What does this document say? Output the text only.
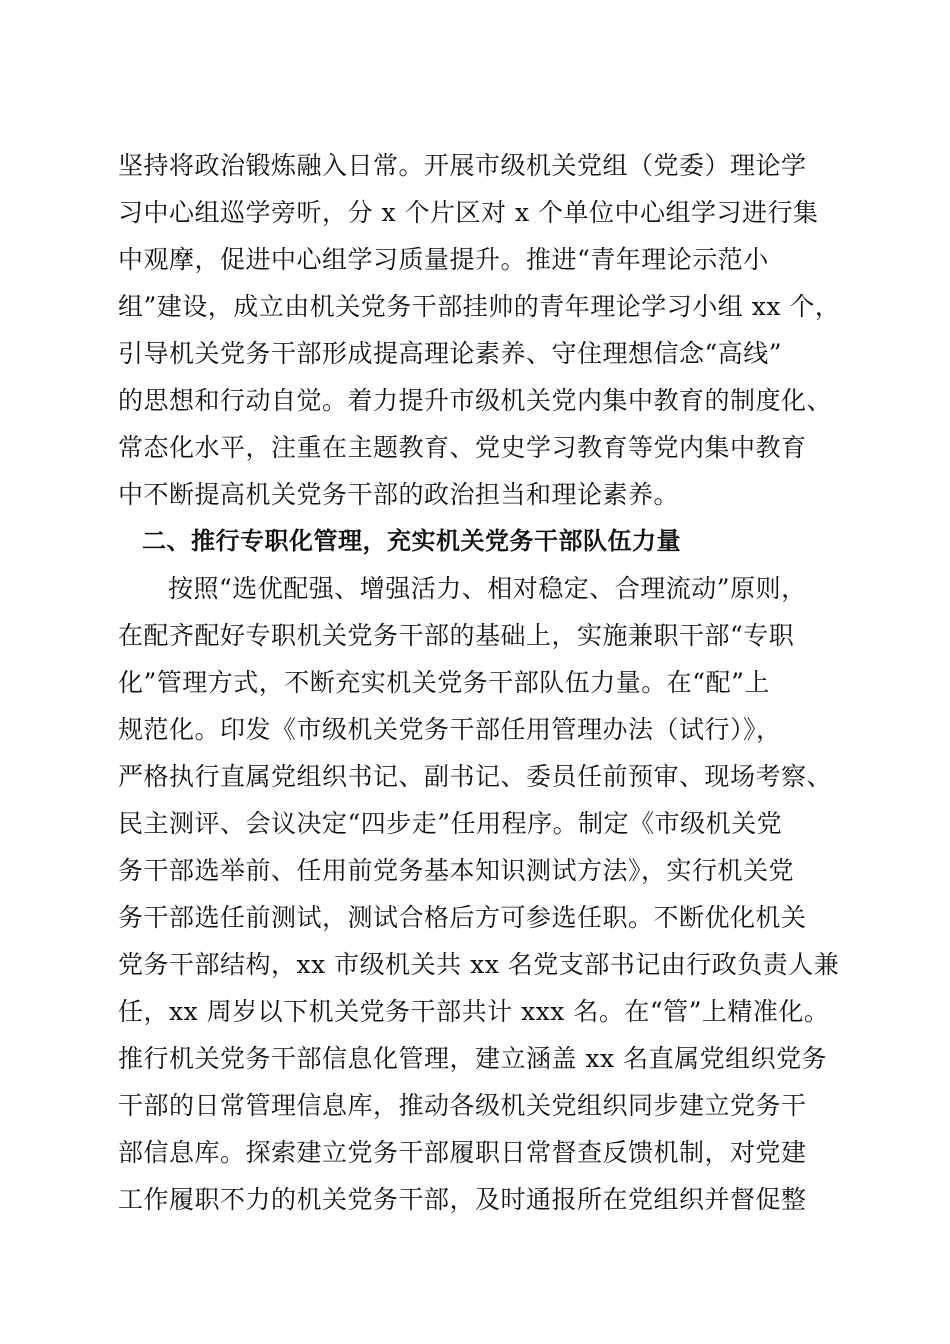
坚持将政治锻炼融入日常。开展市级机关党组（党委）理论学
习中心组巡学旁听，分 x 个片区对 x 个单位中心组学习进行集
中观摩，促进中心组学习质量提升。推进“青年理论示范小
组”建设，成立由机关党务干部挂帅的青年理论学习小组 xx 个，
引导机关党务干部形成提高理论素养、守住理想信念“高线”
的思想和行动自觉。着力提升市级机关党内集中教育的制度化、
常态化水平，注重在主题教育、党史学习教育等党内集中教育
中不断提高机关党务干部的政治担当和理论素养。
二、推行专职化管理，充实机关党务干部队伍力量
按照“选优配强、增强活力、相对稳定、合理流动”原则，
在配齐配好专职机关党务干部的基础上，实施兼职干部“专职
化”管理方式，不断充实机关党务干部队伍力量。在“配”上
规范化。印发《市级机关党务干部任用管理办法（试行）》，
严格执行直属党组织书记、副书记、委员任前预审、现场考察、
民主测评、会议决定“四步走”任用程序。制定《市级机关党
务干部选举前、任用前党务基本知识测试方法》，实行机关党
务干部选任前测试，测试合格后方可参选任职。不断优化机关
党务干部结构，xx 市级机关共 xx 名党支部书记由行政负责人兼
任，xx 周岁以下机关党务干部共计 xxx 名。在“管”上精准化。
推行机关党务干部信息化管理，建立涵盖 xx 名直属党组织党务
干部的日常管理信息库，推动各级机关党组织同步建立党务干
部信息库。探索建立党务干部履职日常督查反馈机制，对党建
工作履职不力的机关党务干部，及时通报所在党组织并督促整
